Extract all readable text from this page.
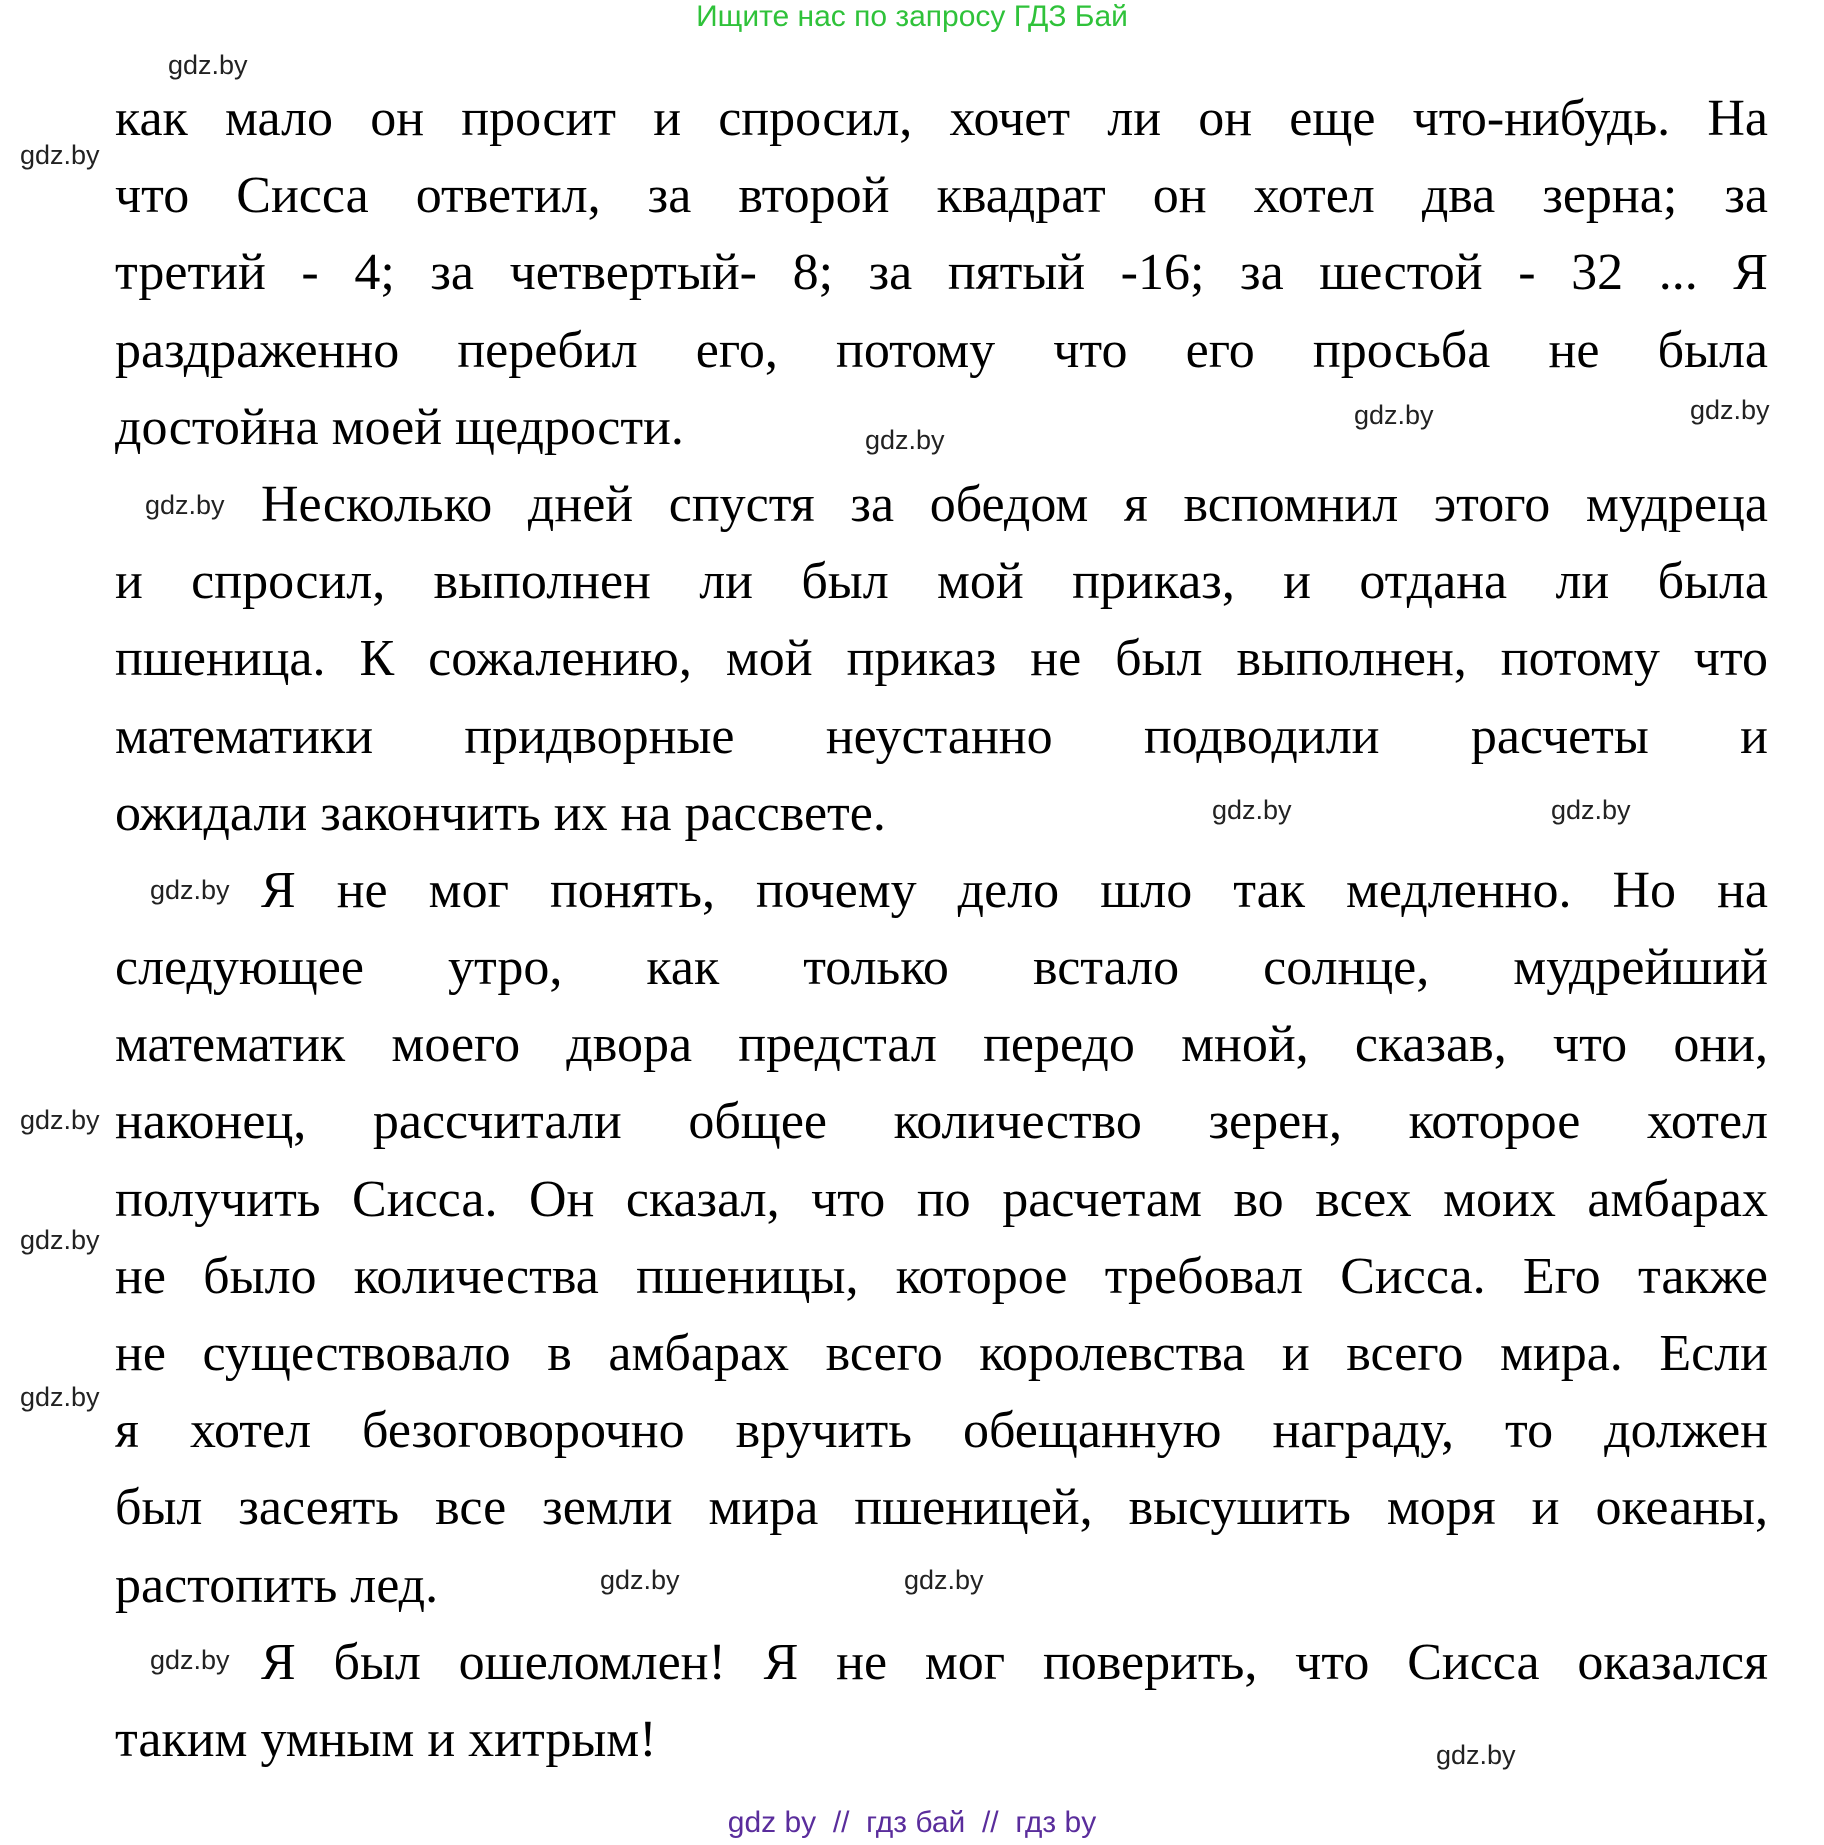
Ищите нас по запросу ГДЗ Бай
как мало он просит и спросил, хочет ли он еще что-нибудь. На
что Сисса ответил, за второй квадрат он хотел два зерна; за
третий - 4; за четвертый- 8; за пятый -16; за шестой - 32 ... Я
раздраженно перебил его, потому что его просьба не была
достойна моей щедрости.
Несколько дней спустя за обедом я вспомнил этого мудреца
и спросил, выполнен ли был мой приказ, и отдана ли была
пшеница. К сожалению, мой приказ не был выполнен, потому что
математики придворные неустанно подводили расчеты и
ожидали закончить их на рассвете.
Я не мог понять, почему дело шло так медленно. Но на
следующее утро, как только встало солнце, мудрейший
математик моего двора предстал передо мной, сказав, что они,
наконец, рассчитали общее количество зерен, которое хотел
получить Сисса. Он сказал, что по расчетам во всех моих амбарах
не было количества пшеницы, которое требовал Сисса. Его также
не существовало в амбарах всего королевства и всего мира. Если
я хотел безоговорочно вручить обещанную награду, то должен
был засеять все земли мира пшеницей, высушить моря и океаны,
растопить лед.
Я был ошеломлен! Я не мог поверить, что Сисса оказался
таким умным и хитрым!
gdz.by
gdz.by
gdz.by	gdz.by
gdz.by
gdz.by
gdz.by
gdz.by
gdz.by
gdz.by
gdz.by
gdz.by
gdz.by	gdz.by
gdz.by
gdz.by
gdz by  //  гдз бай  //  гдз by
